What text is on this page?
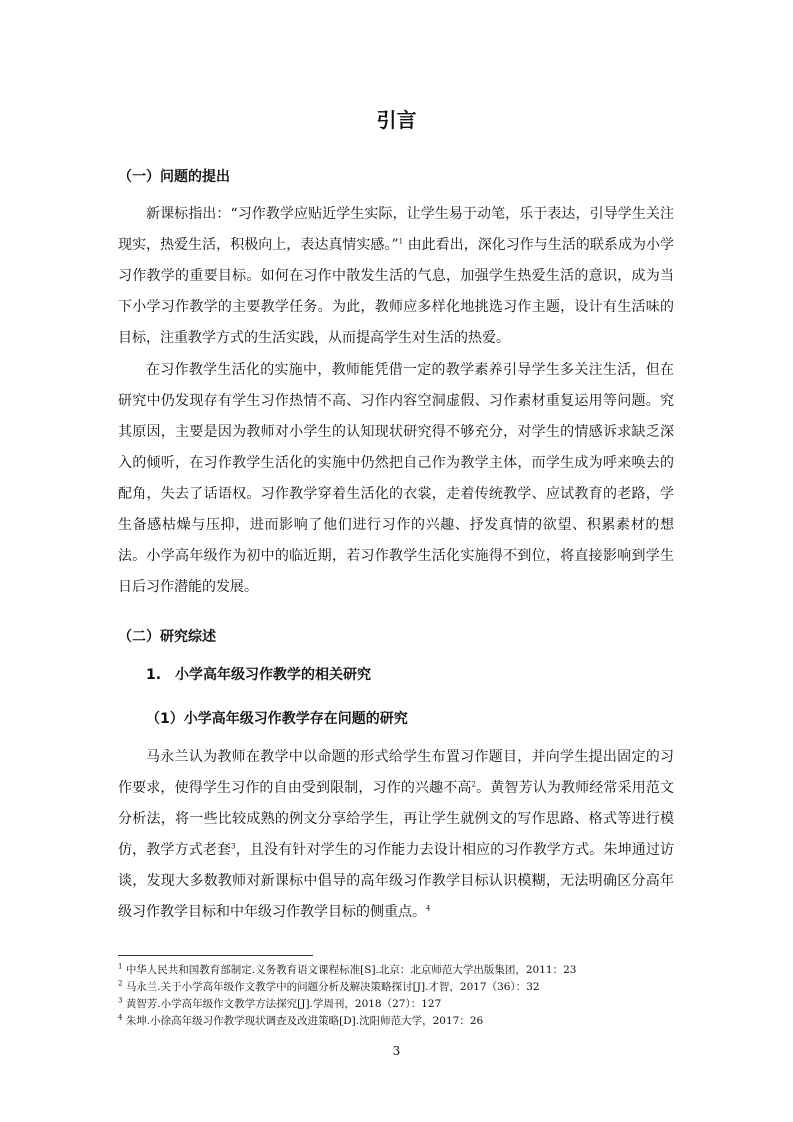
引言
（一）问题的提出
新课标指出：“习作教学应贴近学生实际，让学生易于动笔，乐于表达，引导学生关注现实，热爱生活，积极向上，表达真情实感。”$^1$ 由此看出，深化习作与生活的联系成为小学习作教学的重要目标。如何在习作中散发生活的气息，加强学生热爱生活的意识，成为当下小学习作教学的主要教学任务。为此，教师应多样化地挑选习作主题，设计有生活味的目标，注重教学方式的生活实践，从而提高学生对生活的热爱。
在习作教学生活化的实施中，教师能凭借一定的教学素养引导学生多关注生活，但在研究中仍发现存有学生习作热情不高、习作内容空洞虚假、习作素材重复运用等问题。究其原因，主要是因为教师对小学生的认知现状研究得不够充分，对学生的情感诉求缺乏深入的倾听，在习作教学生活化的实施中仍然把自己作为教学主体，而学生成为呼来唤去的配角，失去了话语权。习作教学穿着生活化的衣裳，走着传统教学、应试教育的老路，学生备感枯燥与压抑，进而影响了他们进行习作的兴趣、抒发真情的欲望、积累素材的想法。小学高年级作为初中的临近期，若习作教学生活化实施得不到位，将直接影响到学生日后习作潜能的发展。
（二）研究综述
1.　小学高年级习作教学的相关研究
（1）小学高年级习作教学存在问题的研究
马永兰认为教师在教学中以命题的形式给学生布置习作题目，并向学生提出固定的习作要求，使得学生习作的自由受到限制，习作的兴趣不高$^2$。黄智芳认为教师经常采用范文分析法，将一些比较成熟的例文分享给学生，再让学生就例文的写作思路、格式等进行模仿，教学方式老套$^3$，且没有针对学生的习作能力去设计相应的习作教学方式。朱坤通过访谈，发现大多数教师对新课标中倡导的高年级习作教学目标认识模糊，无法明确区分高年级习作教学目标和中年级习作教学目标的侧重点。$^4$
$^1$ 中华人民共和国教育部制定.义务教育语文课程标准[S].北京：北京师范大学出版集团，2011：23
$^2$ 马永兰.关于小学高年级作文教学中的问题分析及解决策略探讨[J].才智，2017（36）：32
$^3$ 黄智芳.小学高年级作文教学方法探究[J].学周刊，2018（27）：127
$^4$ 朱坤.小徐高年级习作教学现状调查及改进策略[D].沈阳师范大学，2017：26
3
